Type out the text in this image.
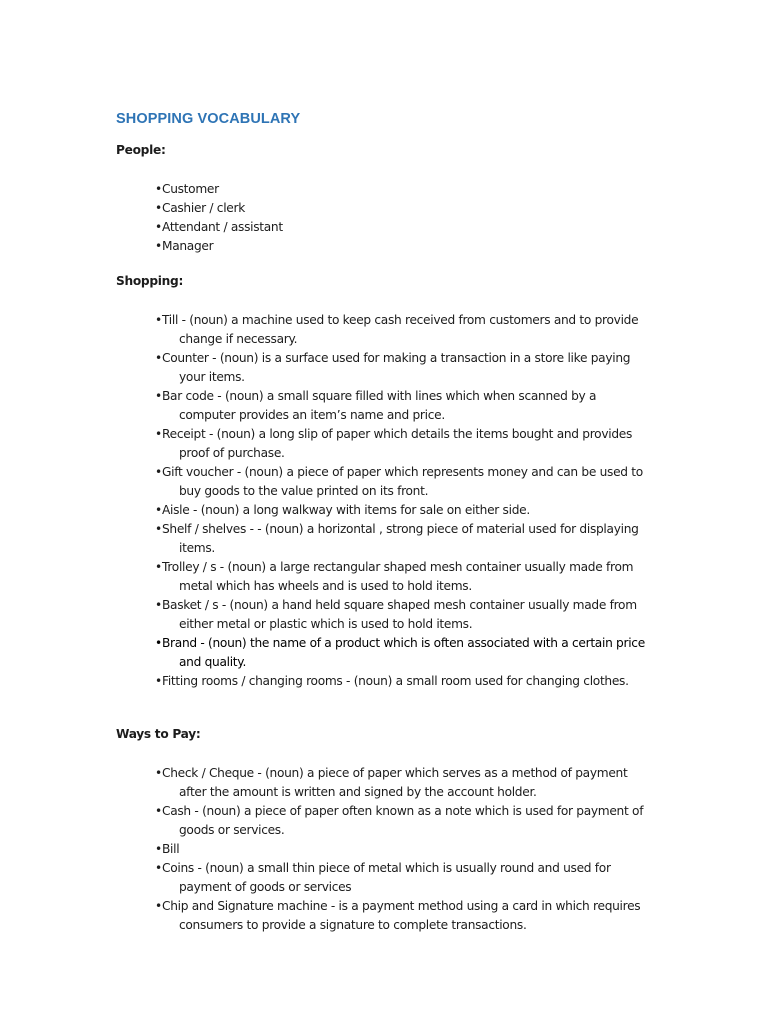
SHOPPING VOCABULARY

People:

•Customer
•Cashier / clerk
•Attendant / assistant
•Manager

Shopping:

•Till - (noun) a machine used to keep cash received from customers and to provide change if necessary.
•Counter - (noun) is a surface used for making a transaction in a store like paying your items.
•Bar code - (noun) a small square filled with lines which when scanned by a computer provides an item’s name and price.
•Receipt - (noun) a long slip of paper which details the items bought and provides proof of purchase.
•Gift voucher - (noun) a piece of paper which represents money and can be used to buy goods to the value printed on its front.
•Aisle - (noun) a long walkway with items for sale on either side.
•Shelf / shelves - - (noun) a horizontal , strong piece of material used for displaying items.
•Trolley / s - (noun) a large rectangular shaped mesh container usually made from metal which has wheels and is used to hold items.
•Basket / s - (noun) a hand held square shaped mesh container usually made from either metal or plastic which is used to hold items.
•Brand - (noun) the name of a product which is often associated with a certain price and quality.
•Fitting rooms / changing rooms - (noun) a small room used for changing clothes.

Ways to Pay:

•Check / Cheque - (noun) a piece of paper which serves as a method of payment after the amount is written and signed by the account holder.
•Cash - (noun) a piece of paper often known as a note which is used for payment of goods or services.
•Bill
•Coins - (noun) a small thin piece of metal which is usually round and used for payment of goods or services
•Chip and Signature machine - is a payment method using a card in which requires consumers to provide a signature to complete transactions.
